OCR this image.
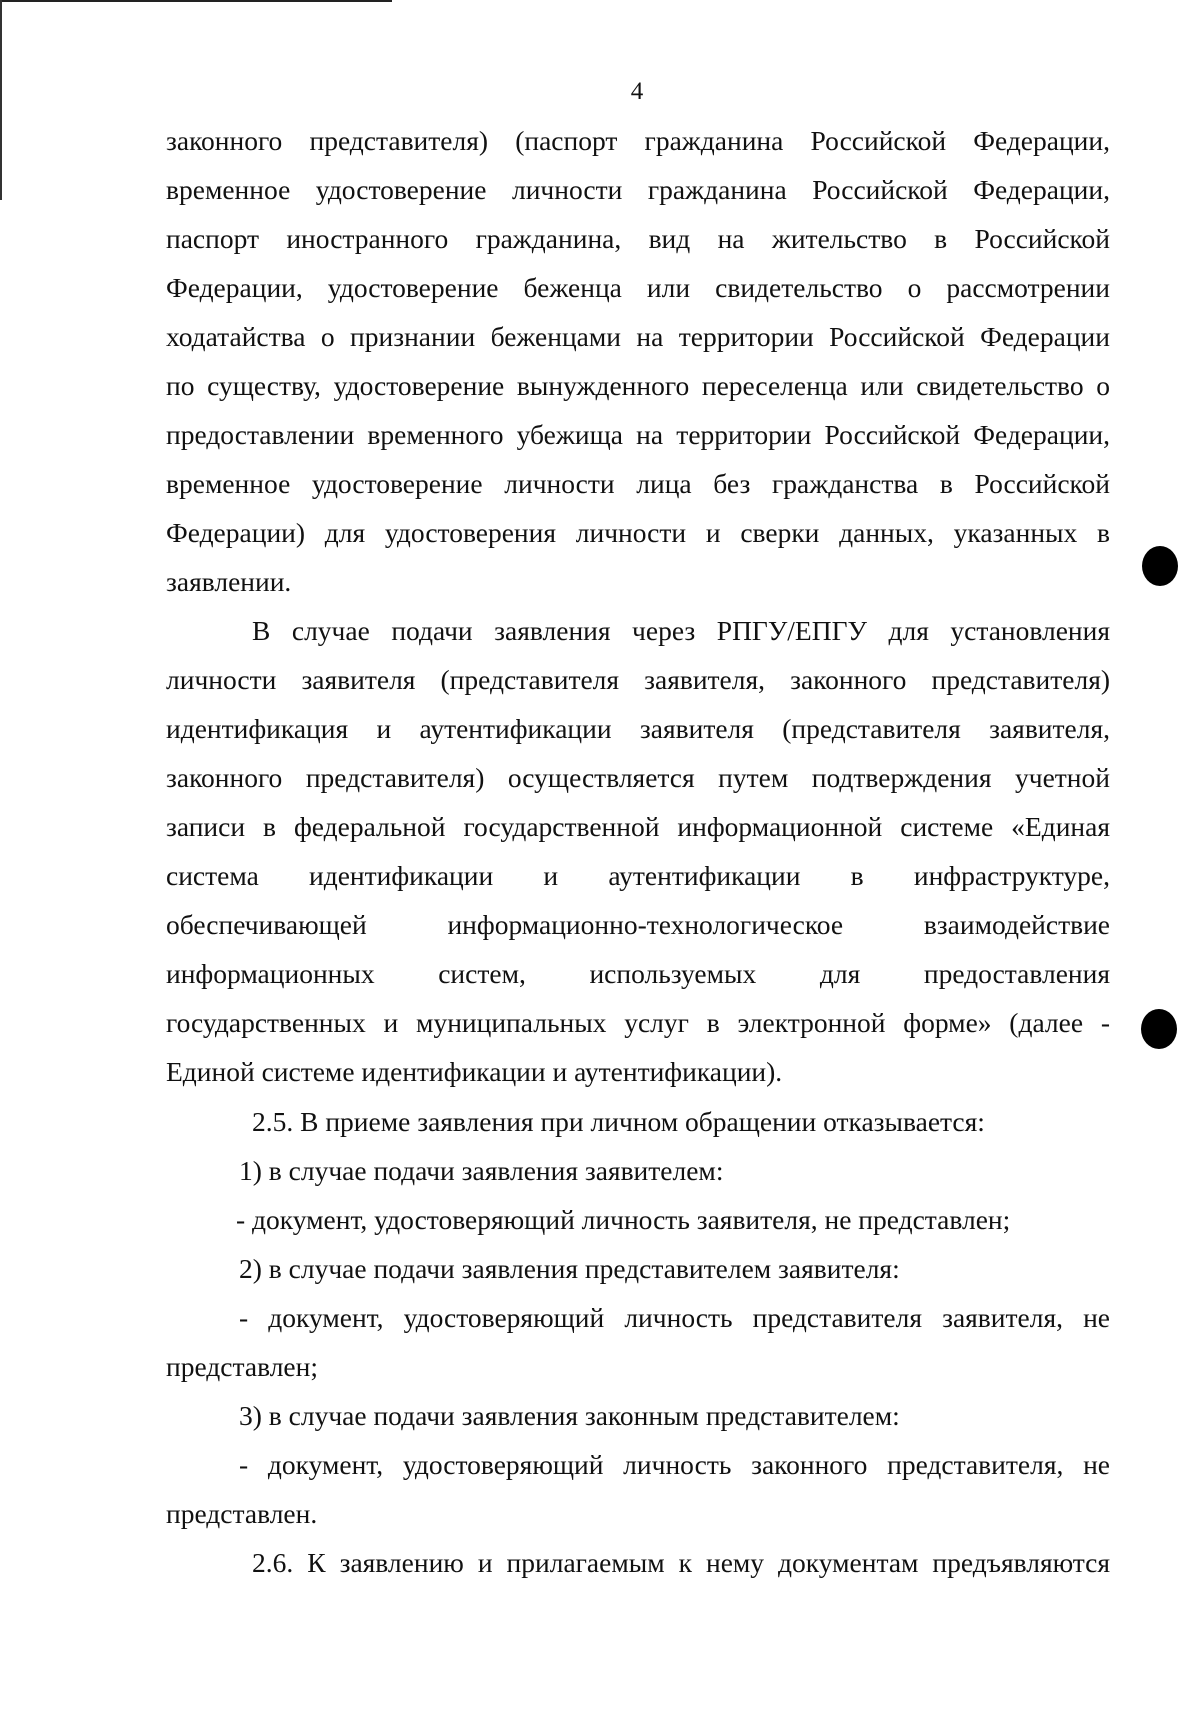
4
законного представителя) (паспорт гражданина Российской Федерации,
временное удостоверение личности гражданина Российской Федерации,
паспорт иностранного гражданина, вид на жительство в Российской
Федерации, удостоверение беженца или свидетельство о рассмотрении
ходатайства о признании беженцами на территории Российской Федерации
по существу, удостоверение вынужденного переселенца или свидетельство о
предоставлении временного убежища на территории Российской Федерации,
временное удостоверение личности лица без гражданства в Российской
Федерации) для удостоверения личности и сверки данных, указанных в
заявлении.
В случае подачи заявления через РПГУ/ЕПГУ для установления
личности заявителя (представителя заявителя, законного представителя)
идентификация и аутентификации заявителя (представителя заявителя,
законного представителя) осуществляется путем подтверждения учетной
записи в федеральной государственной информационной системе «Единая
система идентификации и аутентификации в инфраструктуре,
обеспечивающей информационно-технологическое взаимодействие
информационных систем, используемых для предоставления
государственных и муниципальных услуг в электронной форме» (далее -
Единой системе идентификации и аутентификации).
2.5. В приеме заявления при личном обращении отказывается:
1) в случае подачи заявления заявителем:
- документ, удостоверяющий личность заявителя, не представлен;
2) в случае подачи заявления представителем заявителя:
- документ, удостоверяющий личность представителя заявителя, не
представлен;
3) в случае подачи заявления законным представителем:
- документ, удостоверяющий личность законного представителя, не
представлен.
2.6. К заявлению и прилагаемым к нему документам предъявляются
